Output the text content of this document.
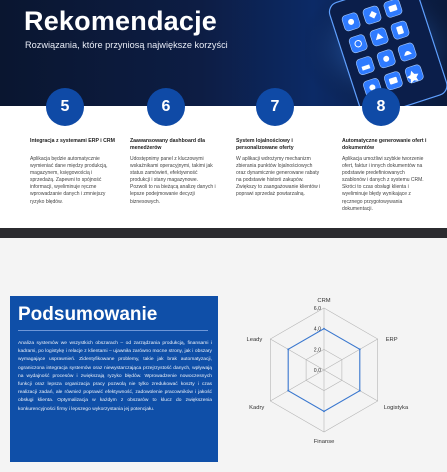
Rekomendacje
Rozwiązania, które przyniosą największe korzyści
5
Integracja z systemami ERP i CRM
Aplikacja będzie automatycznie wymieniać dane między produkcją, magazynem, księgowością i sprzedażą. Zapewni to spójność informacji, wyeliminuje ręczne wprowadzanie danych i zmniejszy ryzyko błędów.
6
Zaawansowany dashboard dla menedżerów
Udostępnimy panel z kluczowymi wskaźnikami operacyjnymi, takimi jak status zamówień, efektywność produkcji i stany magazynowe. Pozwoli to na bieżącą analizę danych i lepsze podejmowanie decyzji biznesowych.
7
System lojalnościowy i personalizowane oferty
W aplikacji wdrożymy mechanizm zbierania punktów lojalnościowych oraz dynamicznie generowane rabaty na podstawie historii zakupów. Zwiększy to zaangażowanie klientów i poprawi sprzedaż powtarzalną.
8
Automatyczne generowanie ofert i dokumentów
Aplikacja umożliwi szybkie tworzenie ofert, faktur i innych dokumentów na podstawie predefiniowanych szablonów i danych z systemu CRM. Skróci to czas obsługi klienta i wyeliminuje błędy wynikające z ręcznego przygotowywania dokumentacji.
Podsumowanie
Analiza systemów we wszystkich obszarach – od zarządzania produkcją, finansami i kadrami, po logistykę i relacje z klientami – ujawniła zarówno mocne strony, jak i obszary wymagające usprawnień. Zidentyfikowane problemy, takie jak brak automatyzacji, ograniczona integracja systemów oraz niewystarczająca przejrzystość danych, wpływają na wydajność procesów i zwiększają ryzyko błędów. Wprowadzenie nowoczesnych funkcji oraz lepsza organizacja pracy pozwolą nie tylko zredukować koszty i czas realizacji zadań, ale również poprawić efektywność, zadowolenie pracowników i jakość obsługi klienta. Optymalizacja w każdym z obszarów to klucz do zwiększenia konkurencyjności firmy i lepszego wykorzystania jej potencjału.
0,0
2,0
4,0
6,0
CRM
ERP
Logistyka
Finanse
Kadry
Leady
